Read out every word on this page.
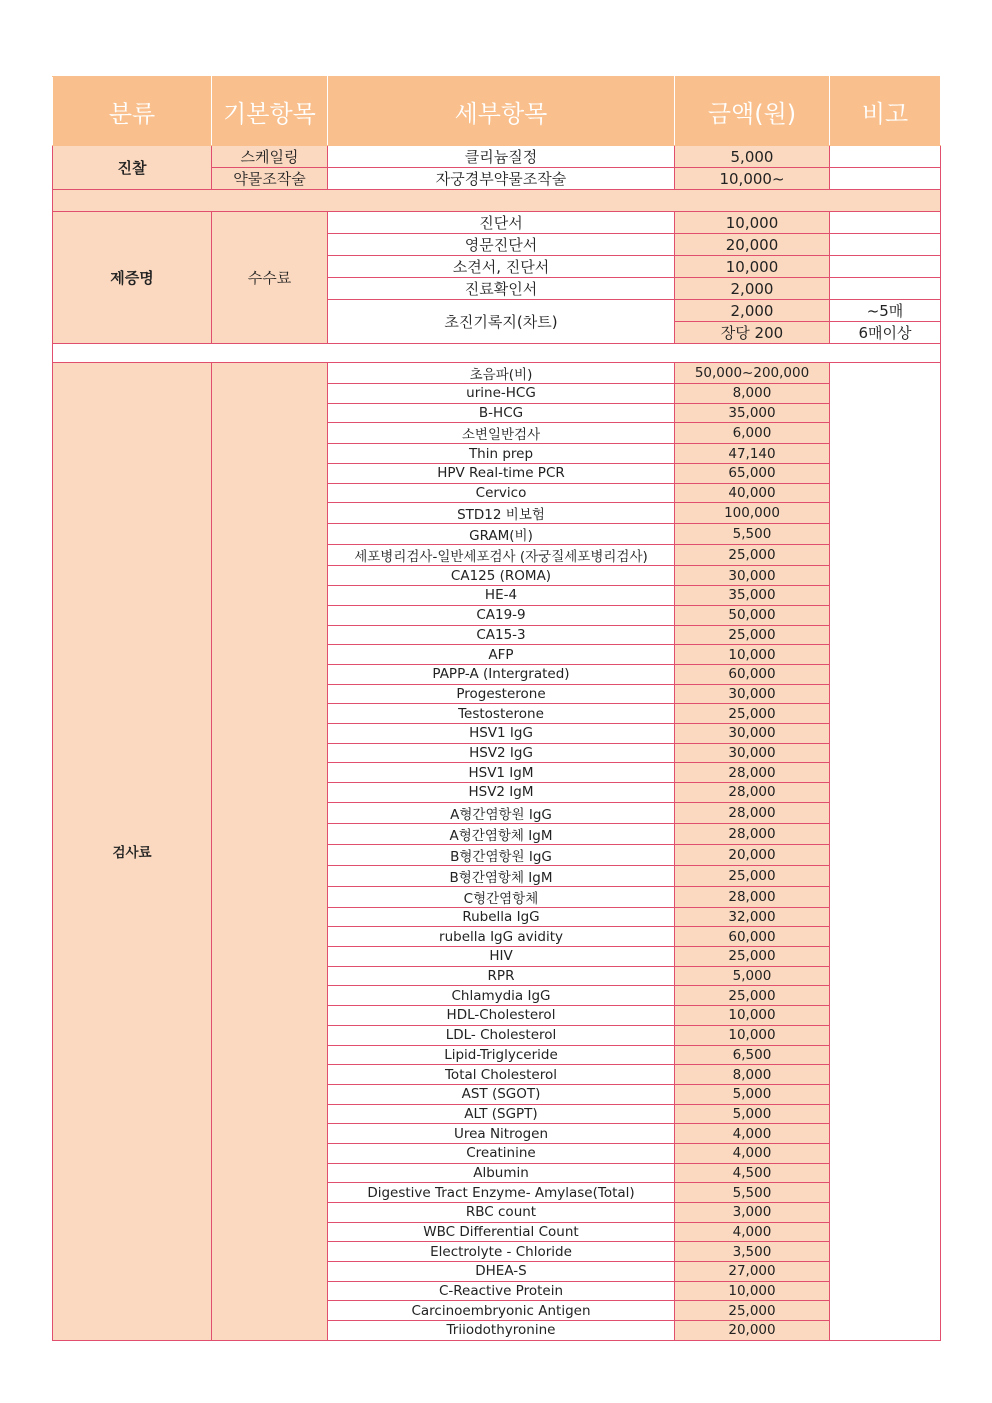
분류	기본항목	세부항목	금액(원)	비고
진찰	스케일링	클리늄질정	5,000	
	약물조작술	자궁경부약물조작술	10,000~	

제증명	수수료	진단서	10,000	
		영문진단서	20,000	
		소견서, 진단서	10,000	
		진료확인서	2,000	
		초진기록지(차트)	2,000	~5매
			장당 200	6매이상

검사료		초음파(비)	50,000~200,000	
		urine-HCG	8,000	
		B-HCG	35,000	
		소변일반검사	6,000	
		Thin prep	47,140	
		HPV Real-time PCR	65,000	
		Cervico	40,000	
		STD12 비보험	100,000	
		GRAM(비)	5,500	
		세포병리검사-일반세포검사 (자궁질세포병리검사)	25,000	
		CA125 (ROMA)	30,000	
		HE-4	35,000	
		CA19-9	50,000	
		CA15-3	25,000	
		AFP	10,000	
		PAPP-A (Intergrated)	60,000	
		Progesterone	30,000	
		Testosterone	25,000	
		HSV1 IgG	30,000	
		HSV2 IgG	30,000	
		HSV1 IgM	28,000	
		HSV2 IgM	28,000	
		A형간염항원 IgG	28,000	
		A형간염항체 IgM	28,000	
		B형간염항원 IgG	20,000	
		B형간염항체 IgM	25,000	
		C형간염항체	28,000	
		Rubella IgG	32,000	
		rubella IgG avidity	60,000	
		HIV	25,000	
		RPR	5,000	
		Chlamydia IgG	25,000	
		HDL-Cholesterol	10,000	
		LDL- Cholesterol	10,000	
		Lipid-Triglyceride	6,500	
		Total Cholesterol	8,000	
		AST (SGOT)	5,000	
		ALT (SGPT)	5,000	
		Urea Nitrogen	4,000	
		Creatinine	4,000	
		Albumin	4,500	
		Digestive Tract Enzyme- Amylase(Total)	5,500	
		RBC count	3,000	
		WBC Differential Count	4,000	
		Electrolyte - Chloride	3,500	
		DHEA-S	27,000	
		C-Reactive Protein	10,000	
		Carcinoembryonic Antigen	25,000	
		Triiodothyronine	20,000	
